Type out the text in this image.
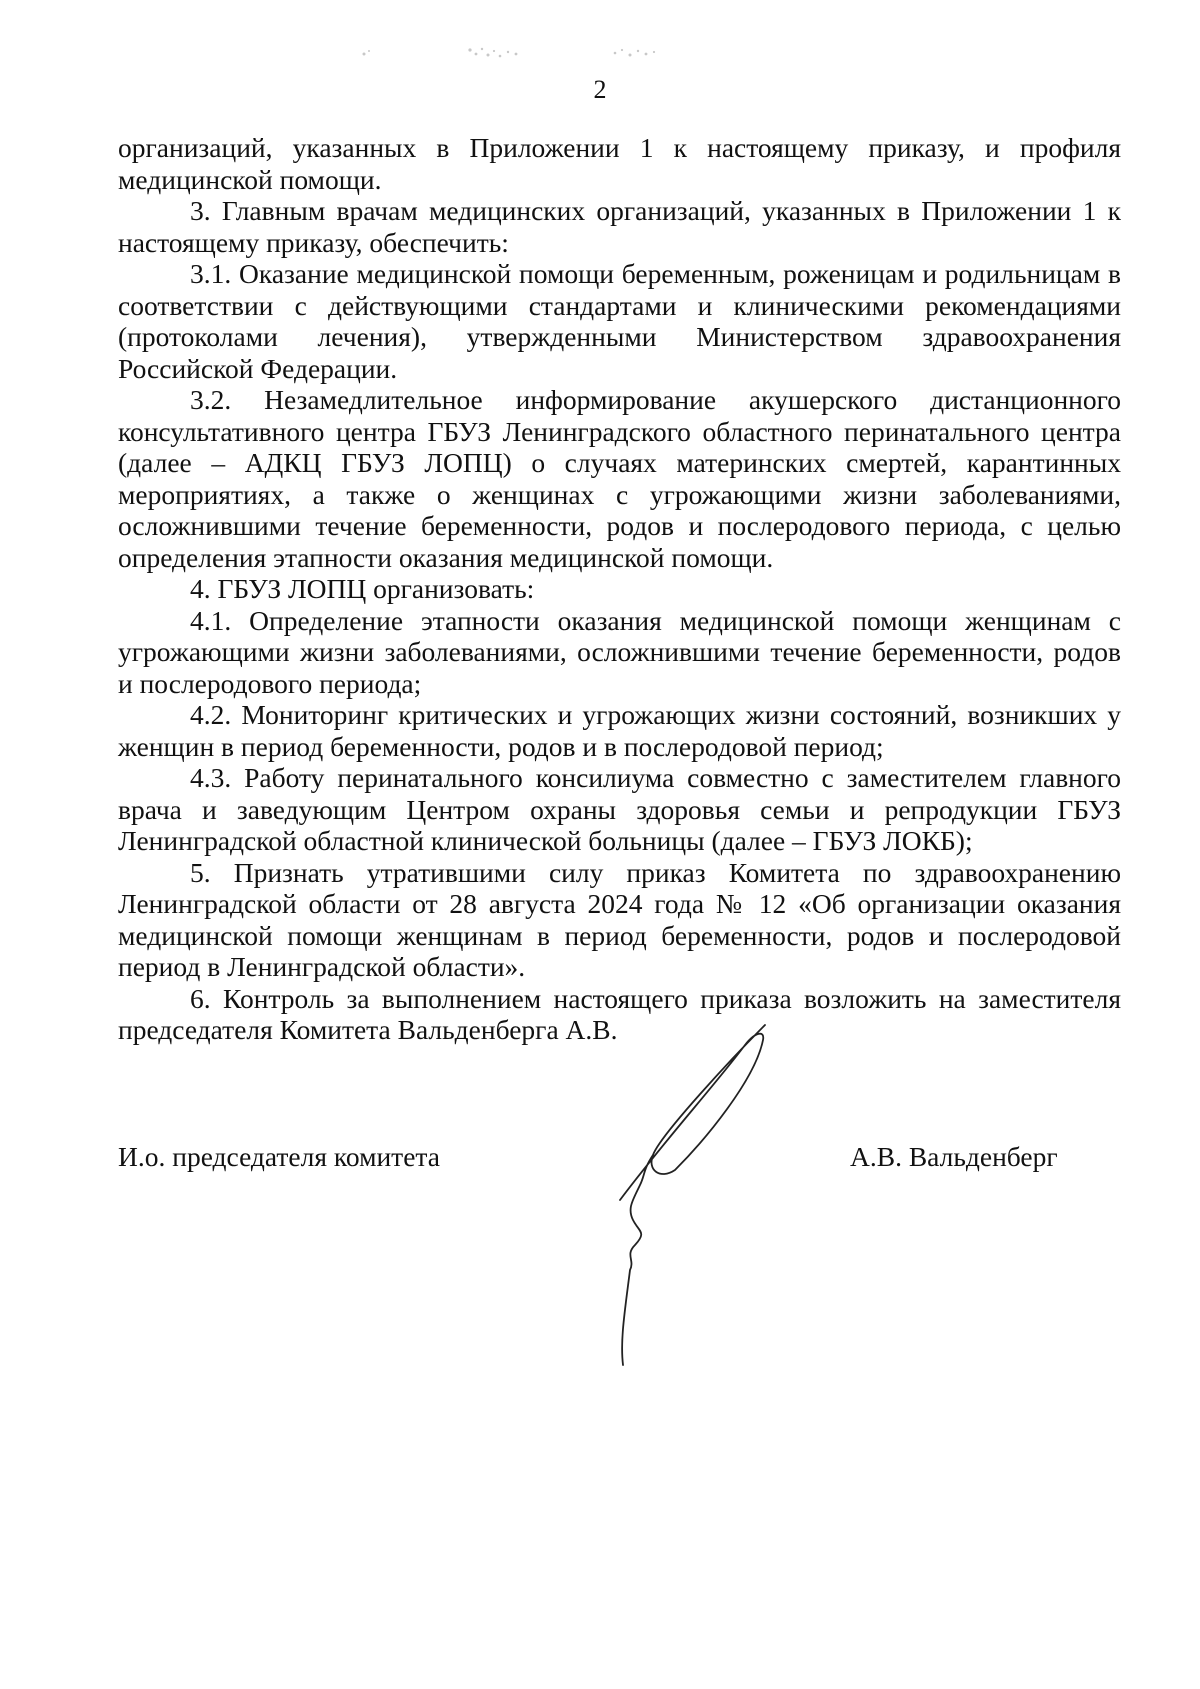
2

организаций, указанных в Приложении 1 к настоящему приказу, и профиля медицинской помощи.

3. Главным врачам медицинских организаций, указанных в Приложении 1 к настоящему приказу, обеспечить:

3.1. Оказание медицинской помощи беременным, роженицам и родильницам в соответствии с действующими стандартами и клиническими рекомендациями (протоколами лечения), утвержденными Министерством здравоохранения Российской Федерации.

3.2. Незамедлительное информирование акушерского дистанционного консультативного центра ГБУЗ Ленинградского областного перинатального центра (далее – АДКЦ ГБУЗ ЛОПЦ) о случаях материнских смертей, карантинных мероприятиях, а также о женщинах с угрожающими жизни заболеваниями, осложнившими течение беременности, родов и послеродового периода, с целью определения этапности оказания медицинской помощи.

4. ГБУЗ ЛОПЦ организовать:

4.1. Определение этапности оказания медицинской помощи женщинам с угрожающими жизни заболеваниями, осложнившими течение беременности, родов и послеродового периода;

4.2. Мониторинг критических и угрожающих жизни состояний, возникших у женщин в период беременности, родов и в послеродовой период;

4.3. Работу перинатального консилиума совместно с заместителем главного врача и заведующим Центром охраны здоровья семьи и репродукции ГБУЗ Ленинградской областной клинической больницы (далее – ГБУЗ ЛОКБ);

5. Признать утратившими силу приказ Комитета по здравоохранению Ленинградской области от 28 августа 2024 года № 12 «Об организации оказания медицинской помощи женщинам в период беременности, родов и послеродовой период в Ленинградской области».

6. Контроль за выполнением настоящего приказа возложить на заместителя председателя Комитета Вальденберга А.В.

И.о. председателя комитета	А.В. Вальденберг
